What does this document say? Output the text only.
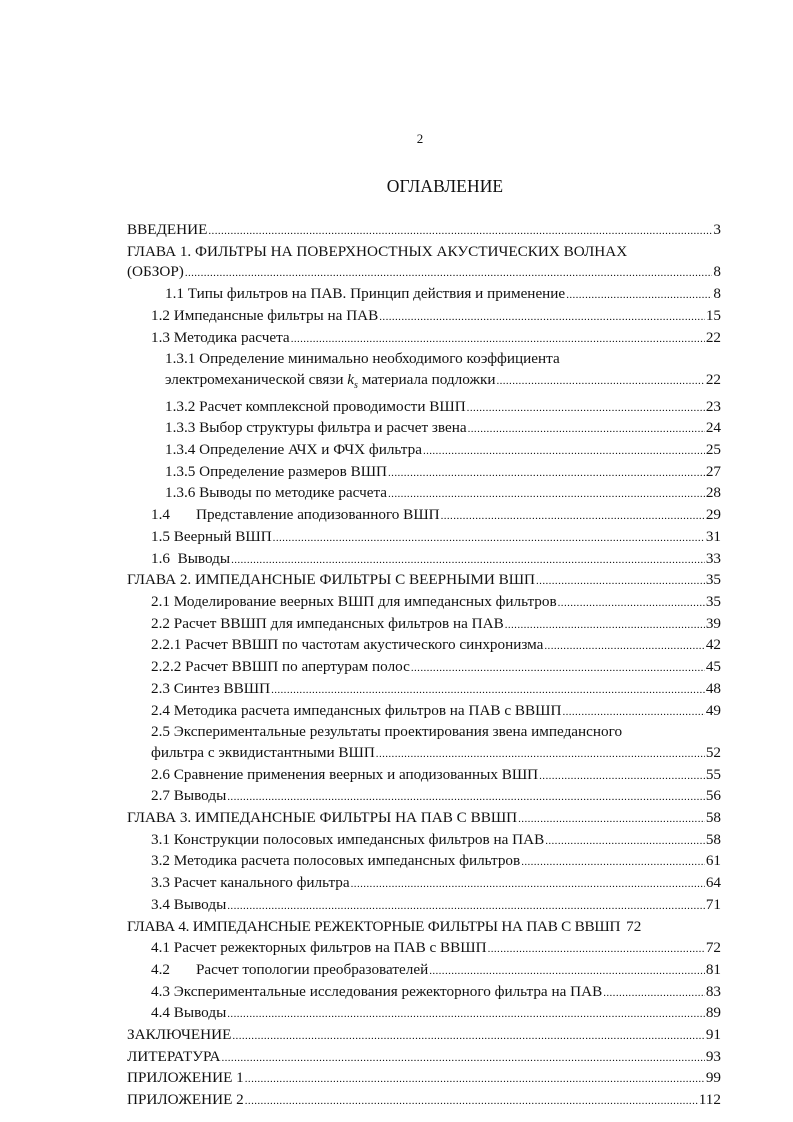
2
ОГЛАВЛЕНИЕ
ВВЕДЕНИЕ .....	3
ГЛАВА 1. ФИЛЬТРЫ НА ПОВЕРХНОСТНЫХ АКУСТИЧЕСКИХ ВОЛНАХ
(ОБЗОР) .....	8
1.1 Типы фильтров на ПАВ. Принцип действия и применение .....	8
1.2 Импедансные фильтры на ПАВ .....	15
1.3 Методика расчета .....	22
1.3.1 Определение минимально необходимого коэффициента
электромеханической связи $k_s$ материала подложки .....	22
1.3.2 Расчет комплексной проводимости ВШП .....	23
1.3.3 Выбор структуры фильтра и расчет звена .....	24
1.3.4 Определение АЧХ и ФЧХ фильтра .....	25
1.3.5 Определение размеров ВШП .....	27
1.3.6 Выводы по методике расчета .....	28
1.4 Представление аподизованного ВШП .....	29
1.5 Веерный ВШП .....	31
1.6  Выводы .....	33
ГЛАВА 2. ИМПЕДАНСНЫЕ ФИЛЬТРЫ С ВЕЕРНЫМИ ВШП .....	35
2.1 Моделирование веерных ВШП для импедансных фильтров .....	35
2.2 Расчет ВВШП для импедансных фильтров на ПАВ .....	39
2.2.1 Расчет ВВШП по частотам акустического синхронизма .....	42
2.2.2 Расчет ВВШП по апертурам полос .....	45
2.3 Синтез ВВШП .....	48
2.4 Методика расчета импедансных фильтров на ПАВ с ВВШП .....	49
2.5 Экспериментальные результаты проектирования звена импедансного
фильтра с эквидистантными ВШП .....	52
2.6 Сравнение применения веерных и аподизованных ВШП .....	55
2.7 Выводы .....	56
ГЛАВА 3. ИМПЕДАНСНЫЕ ФИЛЬТРЫ НА ПАВ С ВВШП .....	58
3.1 Конструкции полосовых импедансных фильтров на ПАВ .....	58
3.2 Методика расчета полосовых импедансных фильтров .....	61
3.3 Расчет канального фильтра .....	64
3.4 Выводы .....	71
ГЛАВА 4. ИМПЕДАНСНЫЕ РЕЖЕКТОРНЫЕ ФИЛЬТРЫ НА ПАВ С ВВШП 72
4.1 Расчет режекторных фильтров на ПАВ с ВВШП .....	72
4.2 Расчет топологии преобразователей .....	81
4.3 Экспериментальные исследования режекторного фильтра на ПАВ .....	83
4.4 Выводы .....	89
ЗАКЛЮЧЕНИЕ .....	91
ЛИТЕРАТУРА .....	93
ПРИЛОЖЕНИЕ 1 .....	99
ПРИЛОЖЕНИЕ 2 .....	112
